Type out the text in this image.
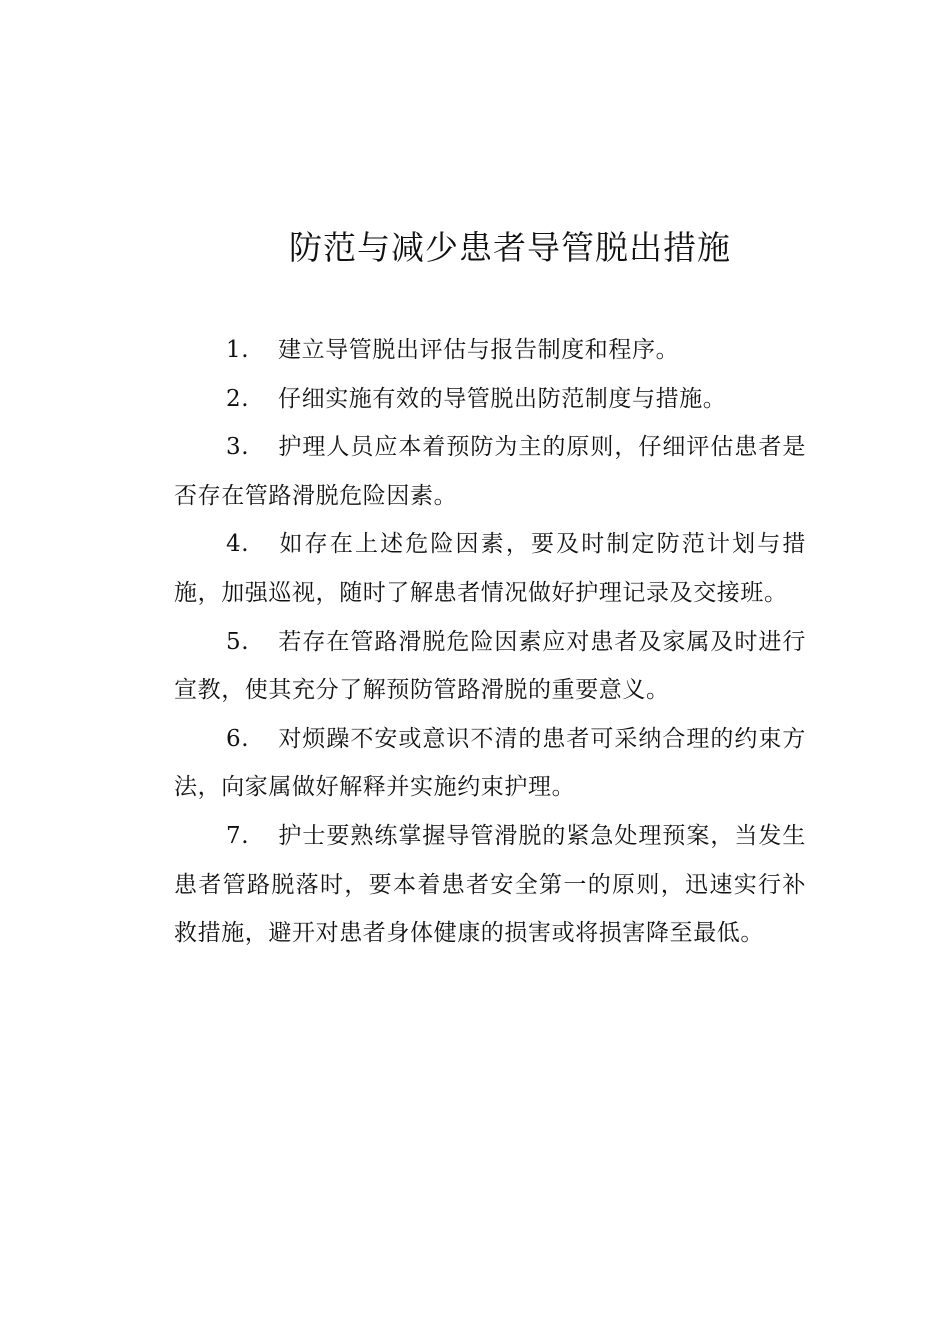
防范与减少患者导管脱出措施

1. 建立导管脱出评估与报告制度和程序。

2. 仔细实施有效的导管脱出防范制度与措施。

3. 护理人员应本着预防为主的原则，仔细评估患者是否存在管路滑脱危险因素。

4. 如存在上述危险因素，要及时制定防范计划与措施，加强巡视，随时了解患者情况做好护理记录及交接班。

5. 若存在管路滑脱危险因素应对患者及家属及时进行宣教，使其充分了解预防管路滑脱的重要意义。

6. 对烦躁不安或意识不清的患者可采纳合理的约束方法，向家属做好解释并实施约束护理。

7. 护士要熟练掌握导管滑脱的紧急处理预案，当发生患者管路脱落时，要本着患者安全第一的原则，迅速实行补救措施，避开对患者身体健康的损害或将损害降至最低。
